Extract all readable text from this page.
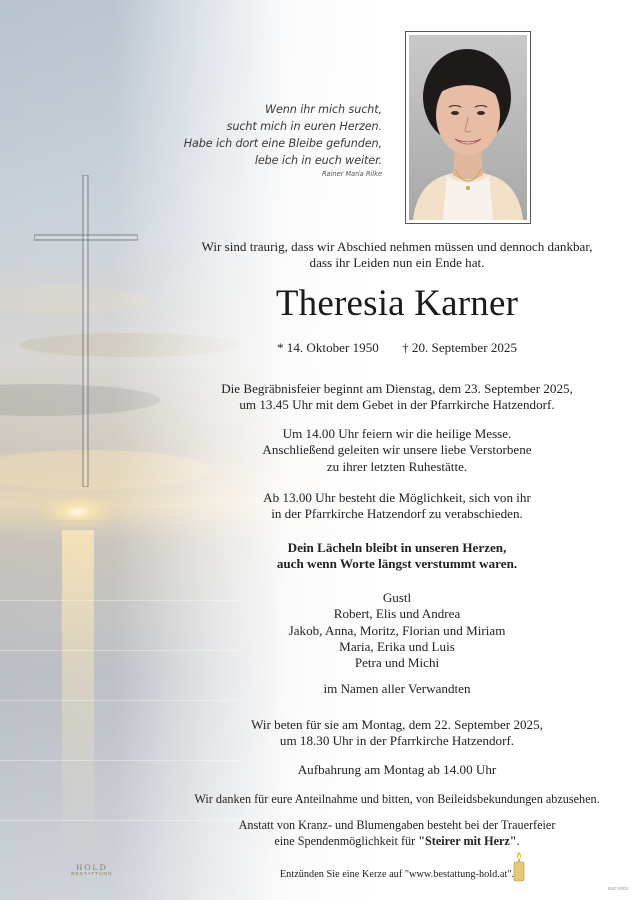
Wenn ihr mich sucht,
sucht mich in euren Herzen.
Habe ich dort eine Bleibe gefunden,
lebe ich in euch weiter.
Rainer Maria Rilke

Wir sind traurig, dass wir Abschied nehmen müssen und dennoch dankbar,

dass ihr Leiden nun ein Ende hat.

Theresia Karner
* 14. Oktober 1950 † 20. September 2025

Die Begräbnisfeier beginnt am Dienstag, dem 23. September 2025,

um 13.45 Uhr mit dem Gebet in der Pfarrkirche Hatzendorf.

Um 14.00 Uhr feiern wir die heilige Messe.

Anschließend geleiten wir unsere liebe Verstorbene

zu ihrer letzten Ruhestätte.

Ab 13.00 Uhr besteht die Möglichkeit, sich von ihr

in der Pfarrkirche Hatzendorf zu verabschieden.

Dein Lächeln bleibt in unseren Herzen,

auch wenn Worte längst verstummt waren.

Gustl

Robert, Elis und Andrea

Jakob, Anna, Moritz, Florian und Miriam

Maria, Erika und Luis

Petra und Michi

im Namen aller Verwandten

Wir beten für sie am Montag, dem 22. September 2025,

um 18.30 Uhr in der Pfarrkirche Hatzendorf.

Aufbahrung am Montag ab 14.00 Uhr

Wir danken für eure Anteilnahme und bitten, von Beileidsbekundungen abzusehen.

Anstatt von Kranz- und Blumengaben besteht bei der Trauerfeier

eine Spendenmöglichkeit für "Steirer mit Herz".

Entzünden Sie eine Kerze auf "www.bestattung-hold.at".
HOLD
BESTATTUNG
BSP 9003
